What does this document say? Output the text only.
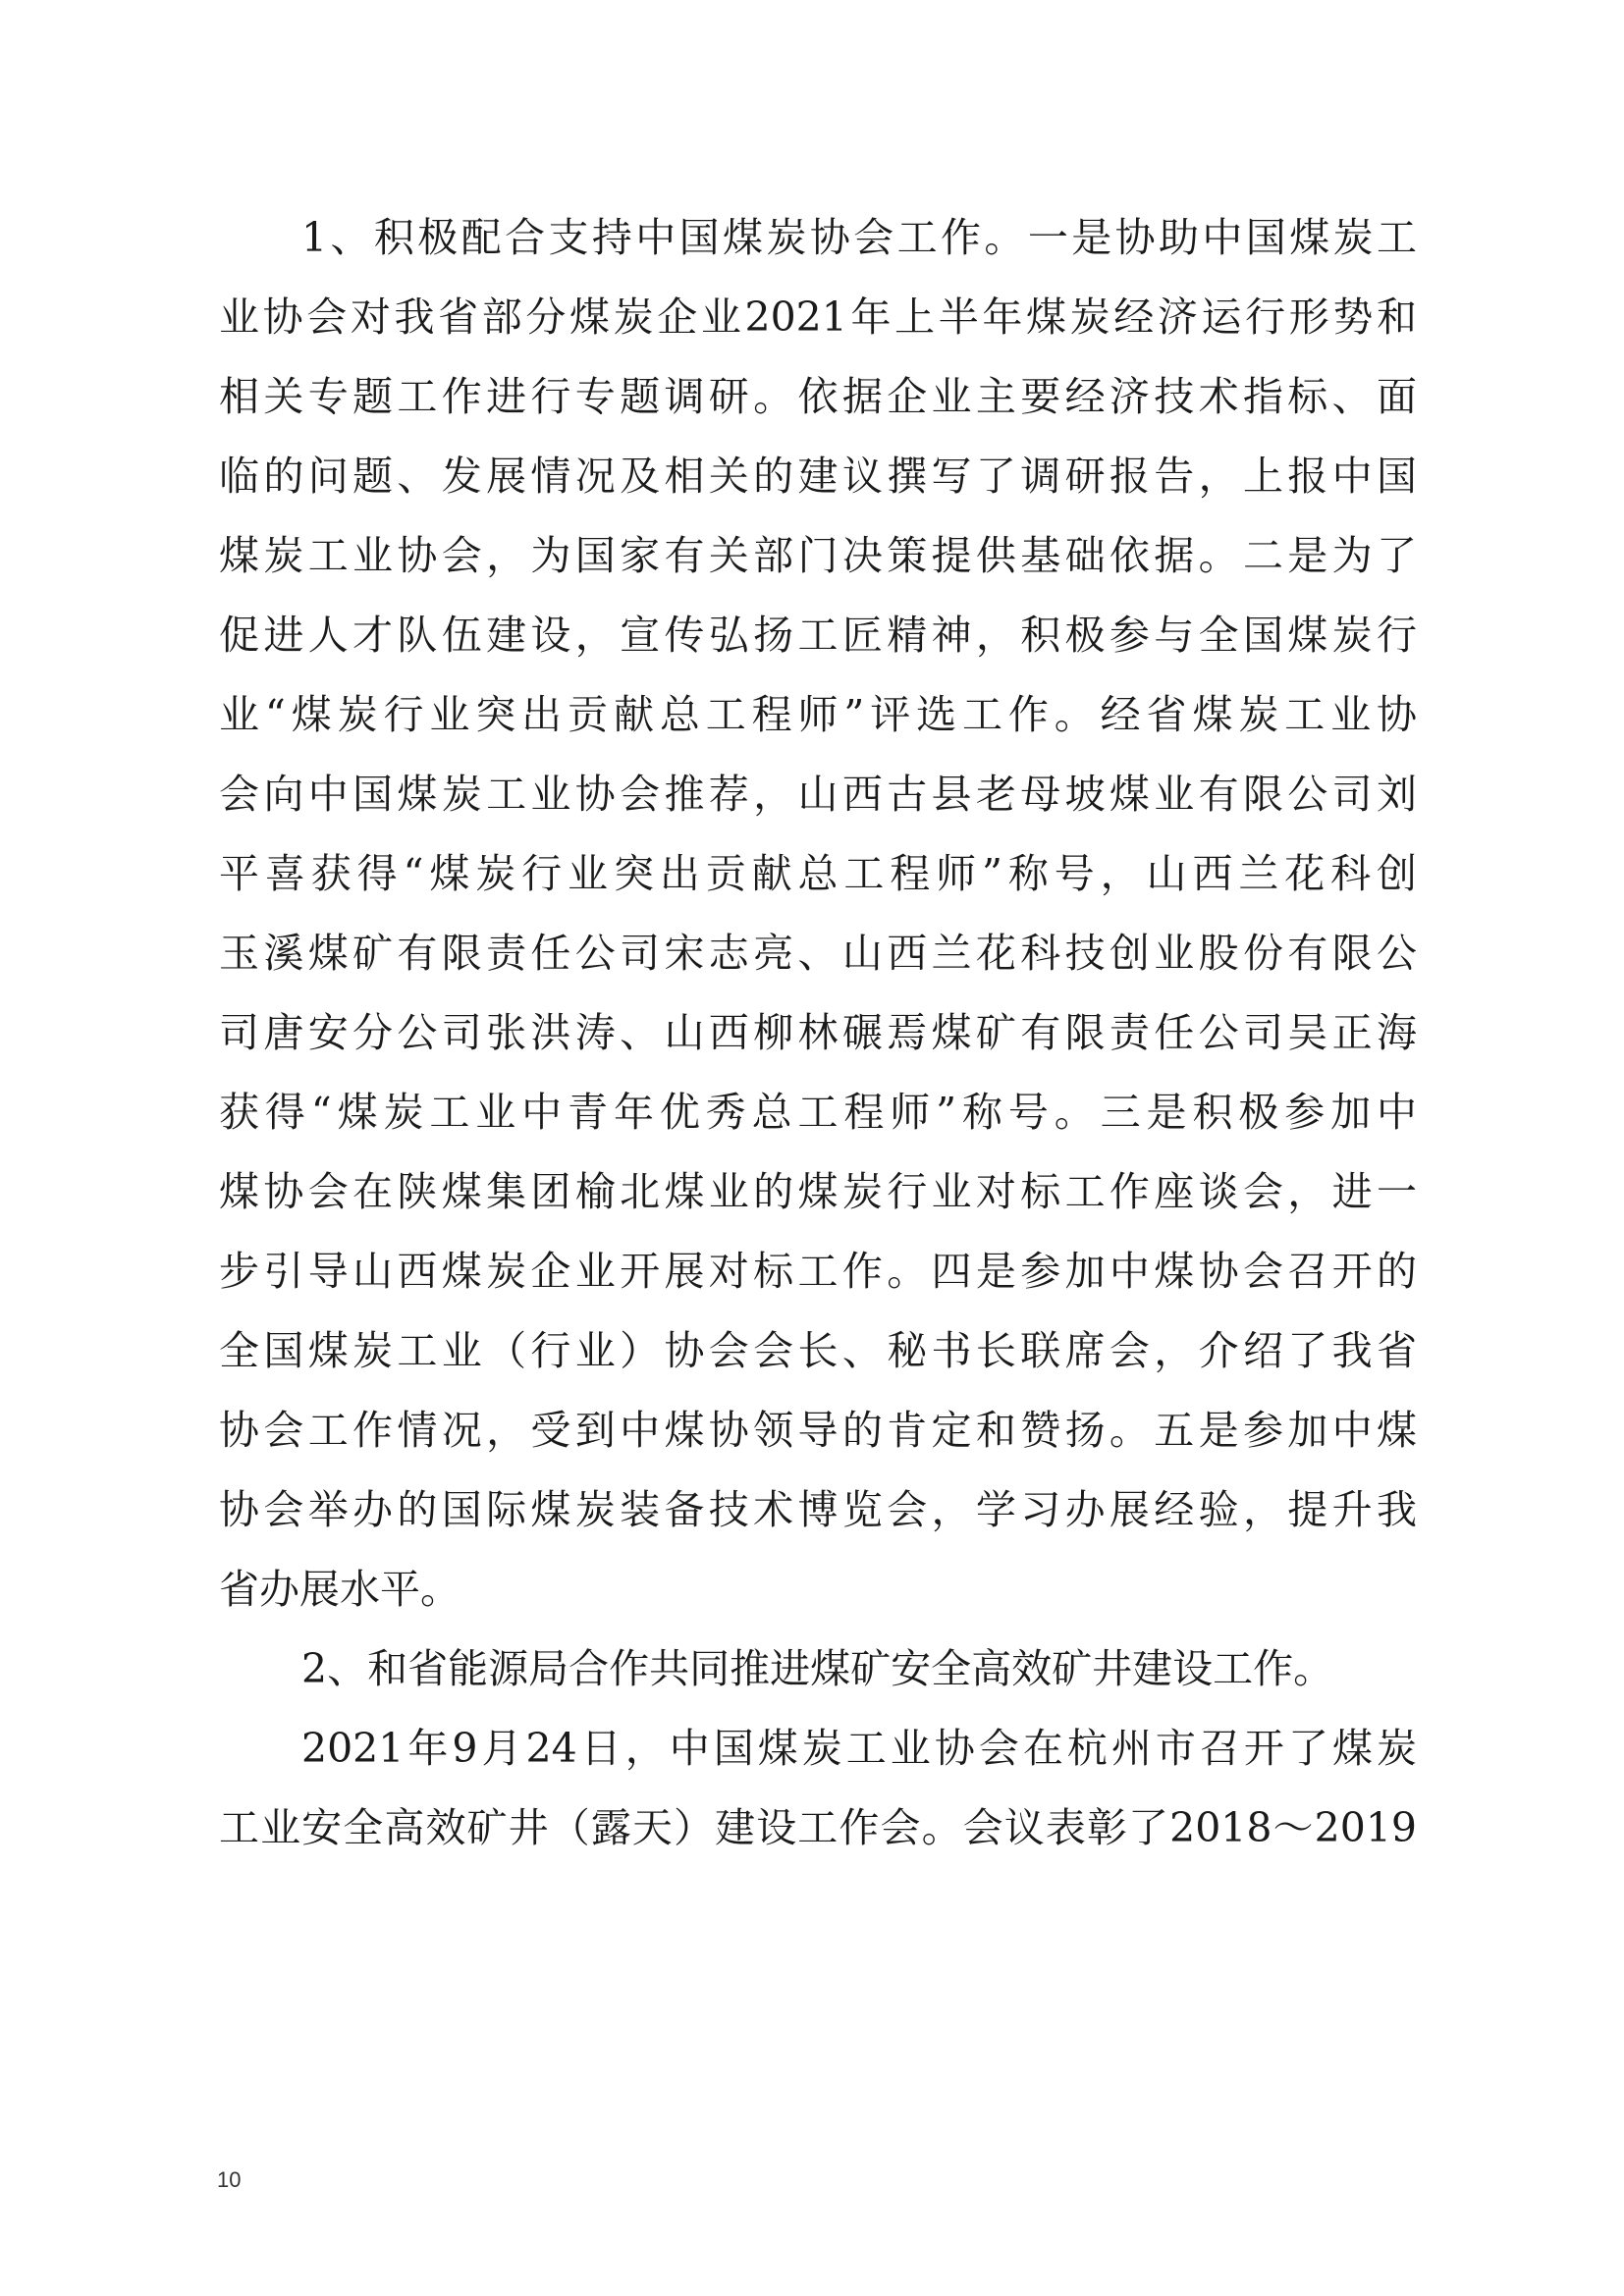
1、积极配合支持中国煤炭协会工作。一是协助中国煤炭工
业协会对我省部分煤炭企业2021年上半年煤炭经济运行形势和
相关专题工作进行专题调研。依据企业主要经济技术指标、面
临的问题、发展情况及相关的建议撰写了调研报告，上报中国
煤炭工业协会，为国家有关部门决策提供基础依据。二是为了
促进人才队伍建设，宣传弘扬工匠精神，积极参与全国煤炭行
业“煤炭行业突出贡献总工程师”评选工作。经省煤炭工业协
会向中国煤炭工业协会推荐，山西古县老母坡煤业有限公司刘
平喜获得“煤炭行业突出贡献总工程师”称号，山西兰花科创
玉溪煤矿有限责任公司宋志亮、山西兰花科技创业股份有限公
司唐安分公司张洪涛、山西柳林碾焉煤矿有限责任公司吴正海
获得“煤炭工业中青年优秀总工程师”称号。三是积极参加中
煤协会在陕煤集团榆北煤业的煤炭行业对标工作座谈会，进一
步引导山西煤炭企业开展对标工作。四是参加中煤协会召开的
全国煤炭工业（行业）协会会长、秘书长联席会，介绍了我省
协会工作情况，受到中煤协领导的肯定和赞扬。五是参加中煤
协会举办的国际煤炭装备技术博览会，学习办展经验，提升我
省办展水平。
2、和省能源局合作共同推进煤矿安全高效矿井建设工作。
2021年9月24日，中国煤炭工业协会在杭州市召开了煤炭
工业安全高效矿井（露天）建设工作会。会议表彰了2018～2019
10
